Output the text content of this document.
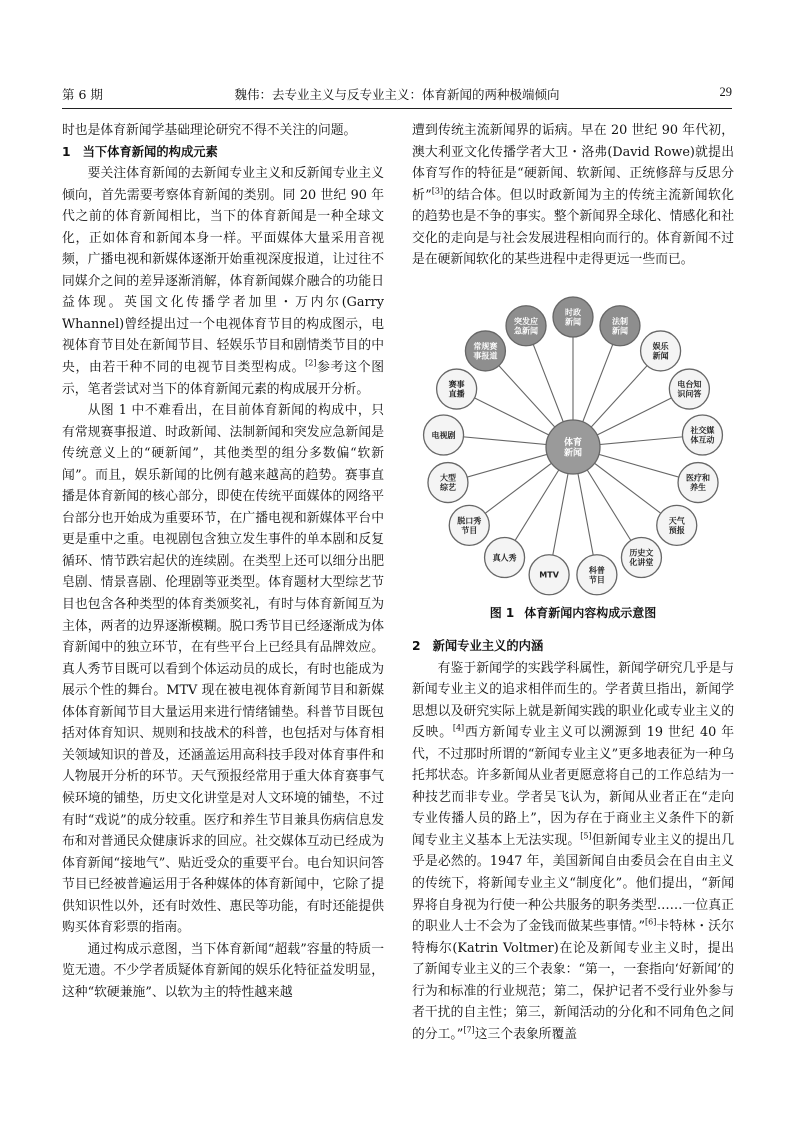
第 6 期	魏伟：去专业主义与反专业主义：体育新闻的两种极端倾向	29

时也是体育新闻学基础理论研究不得不关注的问题。

1 当下体育新闻的构成元素

要关注体育新闻的去新闻专业主义和反新闻专业主义倾向，首先需要考察体育新闻的类别。同 20 世纪 90 年代之前的体育新闻相比，当下的体育新闻是一种全球文化，正如体育和新闻本身一样。平面媒体大量采用音视频，广播电视和新媒体逐渐开始重视深度报道，让过往不同媒介之间的差异逐渐消解，体育新闻媒介融合的功能日益体现。英国文化传播学者加里・万内尔(Garry Whannel)曾经提出过一个电视体育节目的构成图示，电视体育节目处在新闻节目、轻娱乐节目和剧情类节目的中央，由若干种不同的电视节目类型构成。[2]参考这个图示，笔者尝试对当下的体育新闻元素的构成展开分析。

从图 1 中不难看出，在目前体育新闻的构成中，只有常规赛事报道、时政新闻、法制新闻和突发应急新闻是传统意义上的“硬新闻”，其他类型的组分多数偏“软新闻”。而且，娱乐新闻的比例有越来越高的趋势。赛事直播是体育新闻的核心部分，即使在传统平面媒体的网络平台部分也开始成为重要环节，在广播电视和新媒体平台中更是重中之重。电视剧包含独立发生事件的单本剧和反复循环、情节跌宕起伏的连续剧。在类型上还可以细分出肥皂剧、情景喜剧、伦理剧等亚类型。体育题材大型综艺节目也包含各种类型的体育类颁奖礼，有时与体育新闻互为主体，两者的边界逐渐模糊。脱口秀节目已经逐渐成为体育新闻中的独立环节，在有些平台上已经具有品牌效应。真人秀节目既可以看到个体运动员的成长，有时也能成为展示个性的舞台。MTV 现在被电视体育新闻节目和新媒体体育新闻节目大量运用来进行情绪铺垫。科普节目既包括对体育知识、规则和技战术的科普，也包括对与体育相关领域知识的普及，还涵盖运用高科技手段对体育事件和人物展开分析的环节。天气预报经常用于重大体育赛事气候环境的铺垫，历史文化讲堂是对人文环境的铺垫，不过有时“戏说”的成分较重。医疗和养生节目兼具伤病信息发布和对普通民众健康诉求的回应。社交媒体互动已经成为体育新闻“接地气”、贴近受众的重要平台。电台知识问答节目已经被普遍运用于各种媒体的体育新闻中，它除了提供知识性以外，还有时效性、惠民等功能，有时还能提供购买体育彩票的指南。

通过构成示意图，当下体育新闻“超载”容量的特质一览无遗。不少学者质疑体育新闻的娱乐化特征益发明显，这种“软硬兼施”、以软为主的特性越来越

遭到传统主流新闻界的诟病。早在 20 世纪 90 年代初，澳大利亚文化传播学者大卫・洛弗(David Rowe)就提出体育写作的特征是“硬新闻、软新闻、正统修辞与反思分析”[3]的结合体。但以时政新闻为主的传统主流新闻软化的趋势也是不争的事实。整个新闻界全球化、情感化和社交化的走向是与社会发展进程相向而行的。体育新闻不过是在硬新闻软化的某些进程中走得更远一些而已。

时政新闻	法制新闻
娱乐新闻
电台知识问答
社交媒体互动
医疗和养生
天气预报
历史文化讲堂
科普节目
MTV
真人秀
脱口秀节目
大型综艺
电视剧
赛事直播
常规赛事报道
突发应急新闻
体育新闻
图 1 体育新闻内容构成示意图

2 新闻专业主义的内涵

有鉴于新闻学的实践学科属性，新闻学研究几乎是与新闻专业主义的追求相伴而生的。学者黄旦指出，新闻学思想以及研究实际上就是新闻实践的职业化或专业主义的反映。[4]西方新闻专业主义可以溯源到 19 世纪 40 年代，不过那时所谓的“新闻专业主义”更多地表征为一种乌托邦状态。许多新闻从业者更愿意将自己的工作总结为一种技艺而非专业。学者吴飞认为，新闻从业者正在“走向专业传播人员的路上”，因为存在于商业主义条件下的新闻专业主义基本上无法实现。[5]但新闻专业主义的提出几乎是必然的。1947 年，美国新闻自由委员会在自由主义的传统下，将新闻专业主义“制度化”。他们提出，“新闻界将自身视为行使一种公共服务的职务类型……一位真正的职业人士不会为了金钱而做某些事情。”[6]卡特林・沃尔特梅尔(Katrin Voltmer)在论及新闻专业主义时，提出了新闻专业主义的三个表象：“第一，一套指向‘好新闻’的行为和标准的行业规范；第二，保护记者不受行业外参与者干扰的自主性；第三，新闻活动的分化和不同角色之间的分工。”[7]这三个表象所覆盖
